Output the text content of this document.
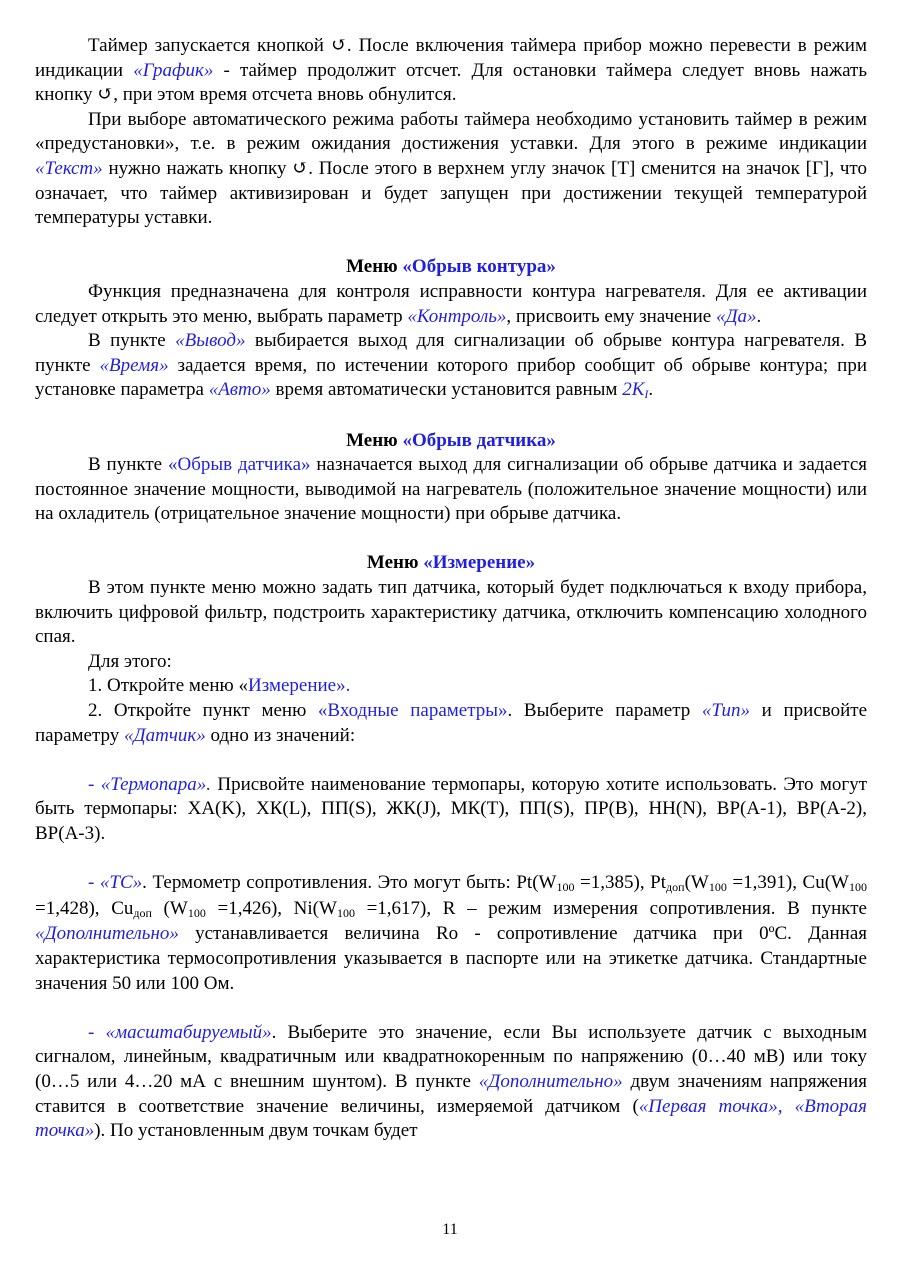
Таймер запускается кнопкой ↺. После включения таймера прибор можно перевести в режим индикации «График» - таймер продолжит отсчет. Для остановки таймера следует вновь нажать кнопку ↺, при этом время отсчета вновь обнулится.

При выборе автоматического режима работы таймера необходимо установить таймер в режим «предустановки», т.е. в режим ожидания достижения уставки. Для этого в режиме индикации «Текст» нужно нажать кнопку ↺. После этого в верхнем углу значок [Т] сменится на значок [Г], что означает, что таймер активизирован и будет запущен при достижении текущей температурой температуры уставки.

Меню «Обрыв контура»

Функция предназначена для контроля исправности контура нагревателя. Для ее активации следует открыть это меню, выбрать параметр «Контроль», присвоить ему значение «Да».

В пункте «Вывод» выбирается выход для сигнализации об обрыве контура нагревателя. В пункте «Время» задается время, по истечении которого прибор сообщит об обрыве контура; при установке параметра «Авто» время автоматически установится равным $2K_I$.

Меню «Обрыв датчика»

В пункте «Обрыв датчика» назначается выход для сигнализации об обрыве датчика и задается постоянное значение мощности, выводимой на нагреватель (положительное значение мощности) или на охладитель (отрицательное значение мощности) при обрыве датчика.

Меню «Измерение»

В этом пункте меню можно задать тип датчика, который будет подключаться к входу прибора, включить цифровой фильтр, подстроить характеристику датчика, отключить компенсацию холодного спая.

Для этого:

1. Откройте меню «Измерение».

2. Откройте пункт меню «Входные параметры». Выберите параметр «Тип» и присвойте параметру «Датчик» одно из значений:

- «Термопара». Присвойте наименование термопары, которую хотите использовать. Это могут быть термопары: ХА(K), ХК(L), ПП(S), ЖК(J), МК(T), ПП(S), ПР(B), НН(N), ВР(А-1), ВР(А-2), ВР(А-3).

- «ТС». Термометр сопротивления. Это могут быть: $Pt(W_{100} =1,385)$, $Pt_{доп}(W_{100} =1,391)$, $Cu(W_{100} =1,428)$, $Cu_{доп}$ $(W_{100} =1,426)$, $Ni(W_{100} =1,617)$, R – режим измерения сопротивления. В пункте «Дополнительно» устанавливается величина Ro - сопротивление датчика при 0ºС. Данная характеристика термосопротивления указывается в паспорте или на этикетке датчика. Стандартные значения 50 или 100 Ом.

- «масштабируемый». Выберите это значение, если Вы используете датчик с выходным сигналом, линейным, квадратичным или квадратнокоренным по напряжению (0…40 мВ) или току (0…5 или 4…20 мА с внешним шунтом). В пункте «Дополнительно» двум значениям напряжения ставится в соответствие значение величины, измеряемой датчиком («Первая точка», «Вторая точка»). По установленным двум точкам будет

11
